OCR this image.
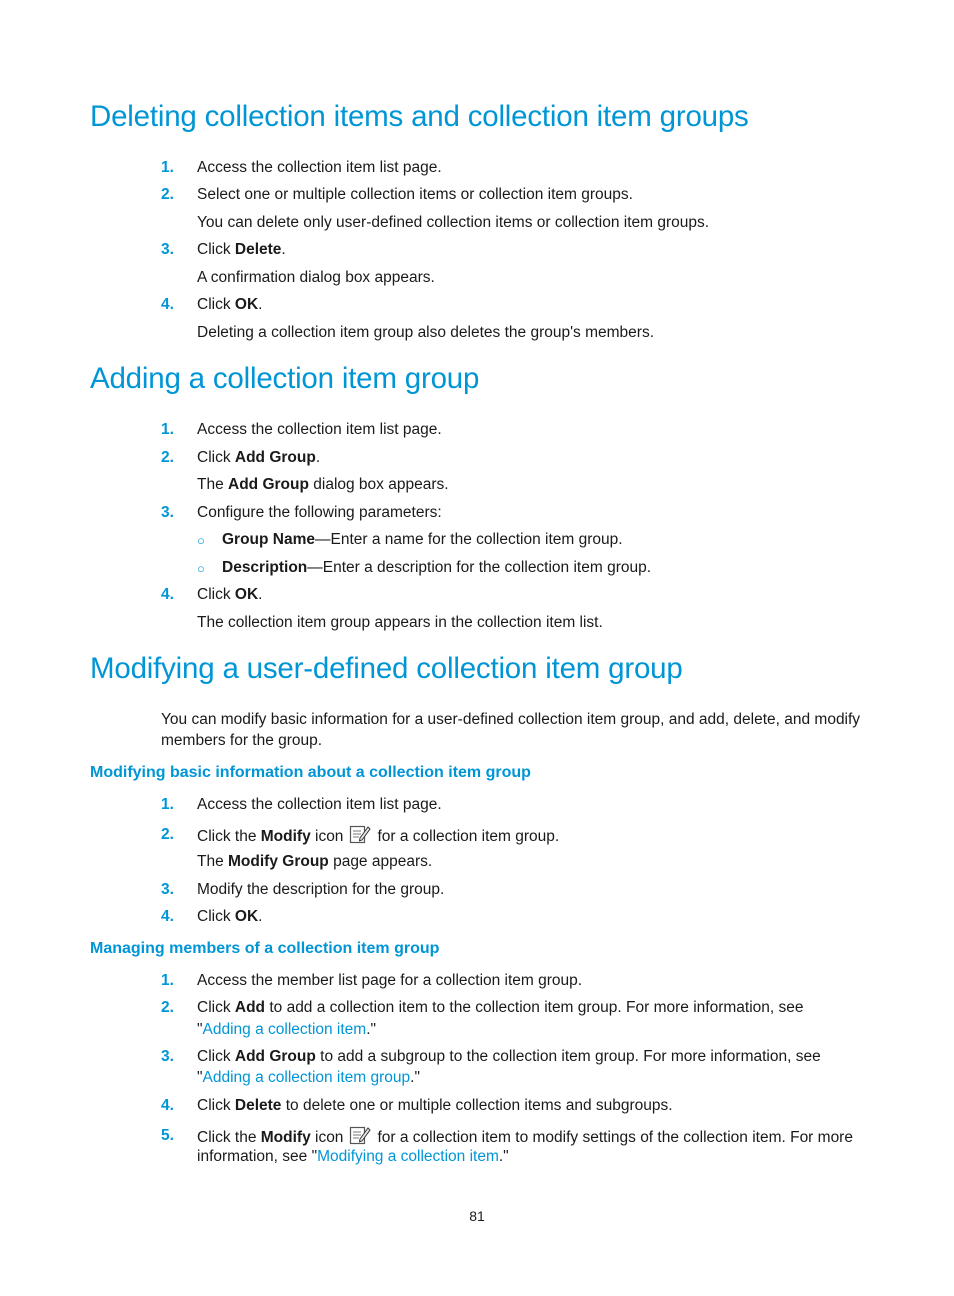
Deleting collection items and collection item groups
1. Access the collection item list page.
2. Select one or multiple collection items or collection item groups.
You can delete only user-defined collection items or collection item groups.
3. Click Delete.
A confirmation dialog box appears.
4. Click OK.
Deleting a collection item group also deletes the group's members.
Adding a collection item group
1. Access the collection item list page.
2. Click Add Group.
The Add Group dialog box appears.
3. Configure the following parameters:
○ Group Name—Enter a name for the collection item group.
○ Description—Enter a description for the collection item group.
4. Click OK.
The collection item group appears in the collection item list.
Modifying a user-defined collection item group

You can modify basic information for a user-defined collection item group, and add, delete, and modify members for the group.

Modifying basic information about a collection item group
1. Access the collection item list page.
2. Click the Modify icon for a collection item group.
The Modify Group page appears.
3. Modify the description for the group.
4. Click OK.
Managing members of a collection item group
1. Access the member list page for a collection item group.
2. Click Add to add a collection item to the collection item group. For more information, see
"Adding a collection item."
3. Click Add Group to add a subgroup to the collection item group. For more information, see
"Adding a collection item group."
4. Click Delete to delete one or multiple collection items and subgroups.
5. Click the Modify icon for a collection item to modify settings of the collection item. For more
information, see "Modifying a collection item."
81
